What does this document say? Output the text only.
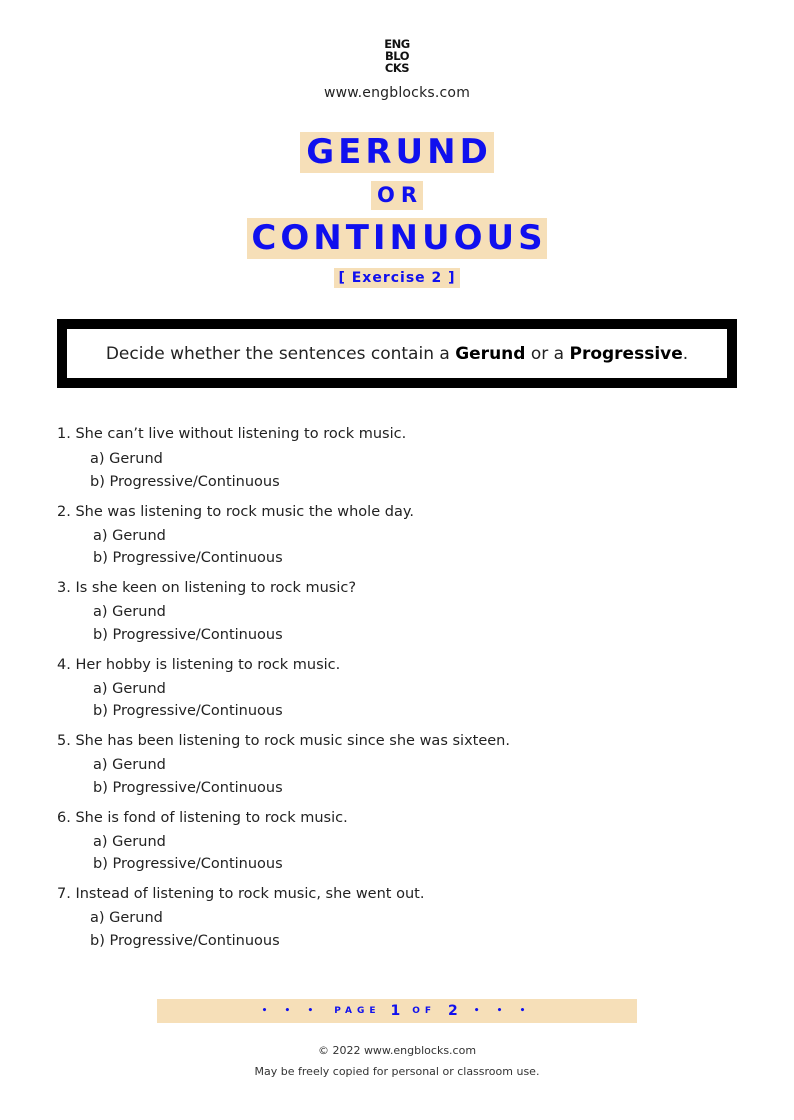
ENG
BLO
CKS
www.engblocks.com
GERUND
OR
CONTINUOUS
[ Exercise 2 ]
Decide whether the sentences contain a Gerund or a Progressive.
1. She can’t live without listening to rock music.
a) Gerund
b) Progressive/Continuous
2. She was listening to rock music the whole day.
a) Gerund
b) Progressive/Continuous
3. Is she keen on listening to rock music?
a) Gerund
b) Progressive/Continuous
4. Her hobby is listening to rock music.
a) Gerund
b) Progressive/Continuous
5. She has been listening to rock music since she was sixteen.
a) Gerund
b) Progressive/Continuous
6. She is fond of listening to rock music.
a) Gerund
b) Progressive/Continuous
7. Instead of listening to rock music, she went out.
a) Gerund
b) Progressive/Continuous
• • • PAGE 1 OF 2 • • •
© 2022 www.engblocks.com
May be freely copied for personal or classroom use.
